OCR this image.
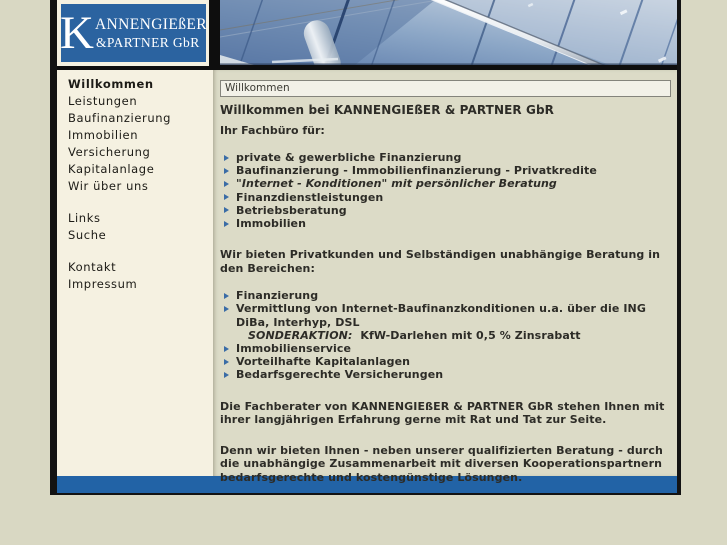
K ANNENGIEßER
&PARTNER GbR
Willkommen
Leistungen
Baufinanzierung
Immobilien
Versicherung
Kapitalanlage
Wir über uns
Links
Suche
Kontakt
Impressum
Willkommen
Willkommen bei KANNENGIEßER & PARTNER GbR

Ihr Fachbüro für:

private & gewerbliche Finanzierung
Baufinanzierung - Immobilienfinanzierung - Privatkredite
"Internet - Konditionen" mit persönlicher Beratung
Finanzdienstleistungen
Betriebsberatung
Immobilien

Wir bieten Privatkunden und Selbständigen unabhängige Beratung in den Bereichen:

Finanzierung
Vermittlung von Internet-Baufinanzkonditionen u.a. über die ING DiBa, Interhyp, DSL
SONDERAKTION:  KfW-Darlehen mit 0,5 % Zinsrabatt
Immobilienservice
Vorteilhafte Kapitalanlagen
Bedarfsgerechte Versicherungen

Die Fachberater von KANNENGIEßER & PARTNER GbR stehen Ihnen mit ihrer langjährigen Erfahrung gerne mit Rat und Tat zur Seite.

Denn wir bieten Ihnen - neben unserer qualifizierten Beratung - durch die unabhängige Zusammenarbeit mit diversen Kooperationspartnern bedarfsgerechte und kostengünstige Lösungen.
